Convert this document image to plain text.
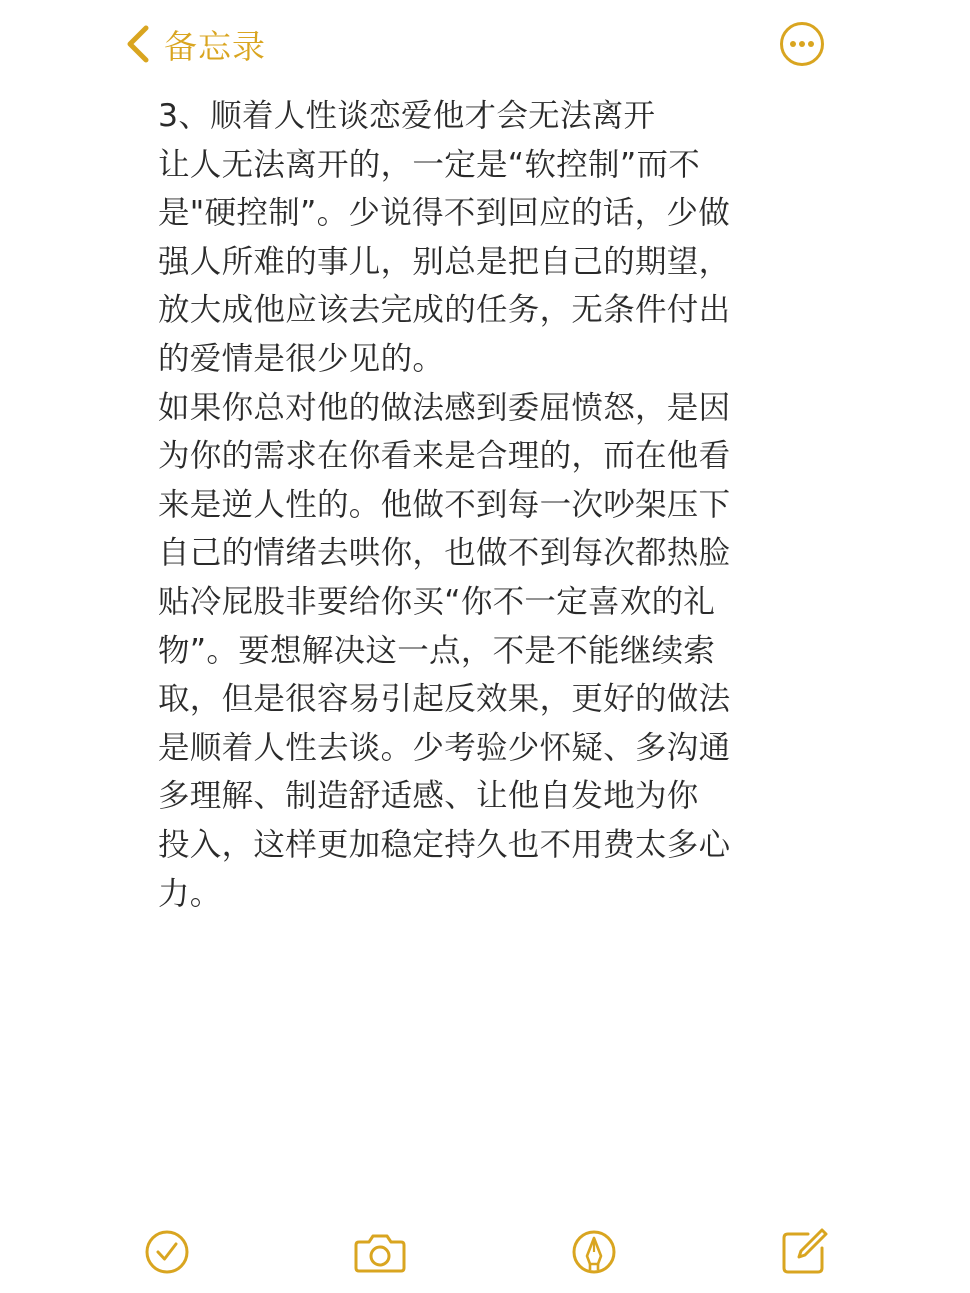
备忘录

3、顺着人性谈恋爱他才会无法离开

让人无法离开的，一定是“软控制”而不

是"硬控制”。少说得不到回应的话，少做

强人所难的事儿，别总是把自己的期望，

放大成他应该去完成的任务，无条件付出

的爱情是很少见的。

如果你总对他的做法感到委屈愤怒，是因

为你的需求在你看来是合理的，而在他看

来是逆人性的。他做不到每一次吵架压下

自己的情绪去哄你，也做不到每次都热脸

贴冷屁股非要给你买“你不一定喜欢的礼

物”。要想解决这一点，不是不能继续索

取，但是很容易引起反效果，更好的做法

是顺着人性去谈。少考验少怀疑、多沟通

多理解、制造舒适感、让他自发地为你

投入，这样更加稳定持久也不用费太多心

力。
